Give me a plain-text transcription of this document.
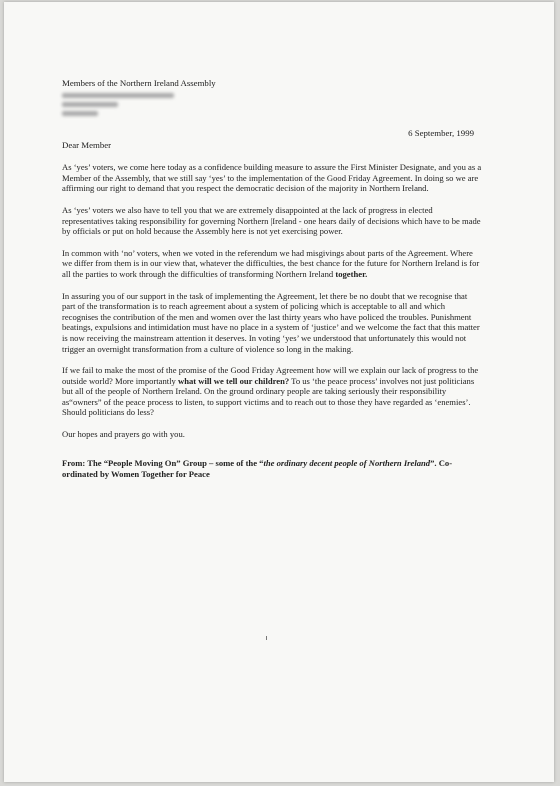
Members of the Northern Ireland Assembly

6 September, 1999

Dear Member

As ‘yes’ voters, we come here today as a confidence building measure to assure the First Minister Designate, and you as a Member of the Assembly, that we still say ‘yes’ to the implementation of the Good Friday Agreement. In doing so we are affirming our right to demand that you respect the democratic decision of the majority in Northern Ireland.

As ‘yes’ voters we also have to tell you that we are extremely disappointed at the lack of progress in elected representatives taking responsibility for governing Northern |Ireland - one hears daily of decisions which have to be made by officials or put on hold because the Assembly here is not yet exercising power.

In common with ‘no’ voters, when we voted in the referendum we had misgivings about parts of the Agreement. Where we differ from them is in our view that, whatever the difficulties, the best chance for the future for Northern Ireland is for all the parties to work through the difficulties of transforming Northern Ireland together.

In assuring you of our support in the task of implementing the Agreement, let there be no doubt that we recognise that part of the transformation is to reach agreement about a system of policing which is acceptable to all and which recognises the contribution of the men and women over the last thirty years who have policed the troubles. Punishment beatings, expulsions and intimidation must have no place in a system of ‘justice’ and we welcome the fact that this matter is now receiving the mainstream attention it deserves. In voting ‘yes’ we understood that unfortunately this would not trigger an overnight transformation from a culture of violence so long in the making.

If we fail to make the most of the promise of the Good Friday Agreement how will we explain our lack of progress to the outside world? More importantly what will we tell our children? To us ‘the peace process’ involves not just politicians but all of the people of Northern Ireland. On the ground ordinary people are taking seriously their responsibility as“owners” of the peace process to listen, to support victims and to reach out to those they have regarded as ‘enemies’. Should politicians do less?

Our hopes and prayers go with you.

From: The “People Moving On” Group – some of the “the ordinary decent people of Northern Ireland”. Co-ordinated by Women Together for Peace
